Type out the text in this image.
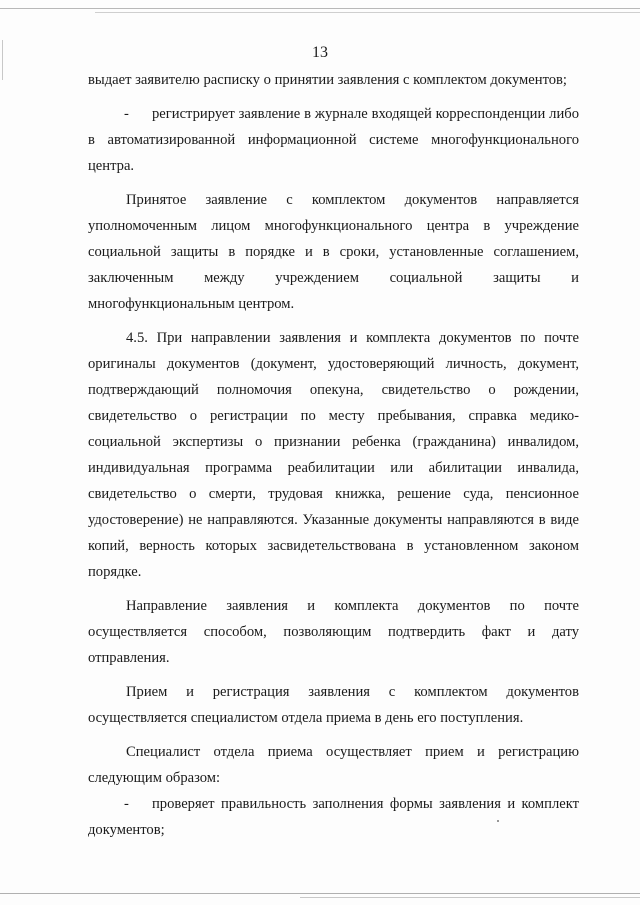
13

выдает заявителю расписку о принятии заявления с комплектом документов;

- регистрирует заявление в журнале входящей корреспонденции либо в автоматизированной информационной системе многофункционального центра.

Принятое заявление с комплектом документов направляется уполномоченным лицом многофункционального центра в учреждение социальной защиты в порядке и в сроки, установленные соглашением, заключенным между учреждением социальной защиты и многофункциональным центром.

4.5. При направлении заявления и комплекта документов по почте оригиналы документов (документ, удостоверяющий личность, документ, подтверждающий полномочия опекуна, свидетельство о рождении, свидетельство о регистрации по месту пребывания, справка медико-социальной экспертизы о признании ребенка (гражданина) инвалидом, индивидуальная программа реабилитации или абилитации инвалида, свидетельство о смерти, трудовая книжка, решение суда, пенсионное удостоверение) не направляются. Указанные документы направляются в виде копий, верность которых засвидетельствована в установленном законом порядке.

Направление заявления и комплекта документов по почте осуществляется способом, позволяющим подтвердить факт и дату отправления.

Прием и регистрация заявления с комплектом документов осуществляется специалистом отдела приема в день его поступления.

Специалист отдела приема осуществляет прием и регистрацию следующим образом:

- проверяет правильность заполнения формы заявления и комплект документов;
